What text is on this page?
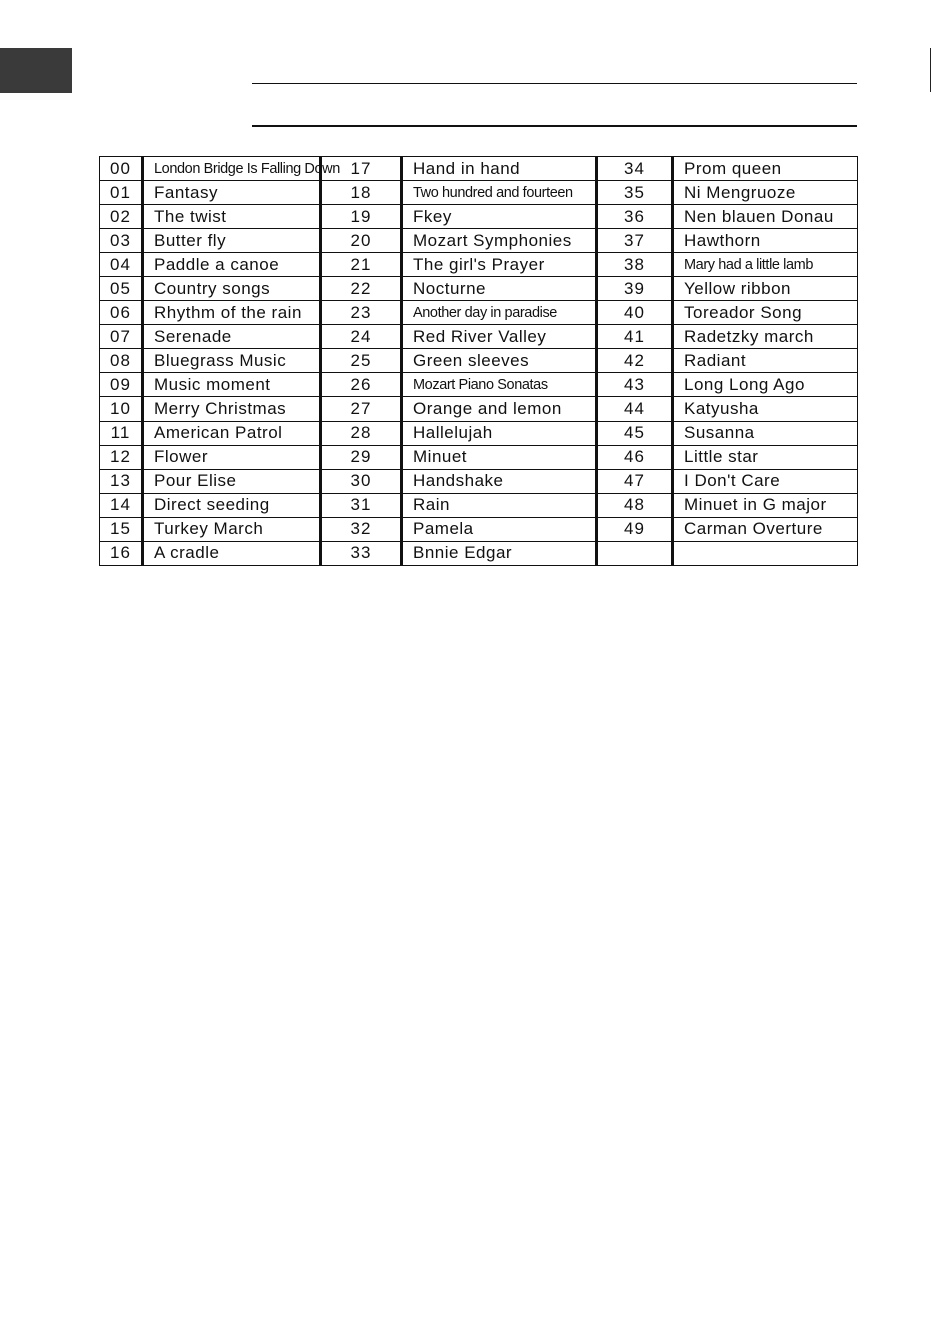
00	London Bridge Is Falling Down	17	Hand in hand	34	Prom queen
01	Fantasy	18	Two hundred and fourteen	35	Ni Mengruoze
02	The twist	19	Fkey	36	Nen blauen Donau
03	Butter fly	20	Mozart Symphonies	37	Hawthorn
04	Paddle a canoe	21	The girl's Prayer	38	Mary had a little lamb
05	Country songs	22	Nocturne	39	Yellow ribbon
06	Rhythm of the rain	23	Another day in paradise	40	Toreador Song
07	Serenade	24	Red River Valley	41	Radetzky march
08	Bluegrass Music	25	Green sleeves	42	Radiant
09	Music moment	26	Mozart Piano Sonatas	43	Long Long Ago
10	Merry Christmas	27	Orange and lemon	44	Katyusha
11	American Patrol	28	Hallelujah	45	Susanna
12	Flower	29	Minuet	46	Little star
13	Pour Elise	30	Handshake	47	I Don't Care
14	Direct seeding	31	Rain	48	Minuet in G major
15	Turkey March	32	Pamela	49	Carman Overture
16	A cradle	33	Bnnie Edgar		
